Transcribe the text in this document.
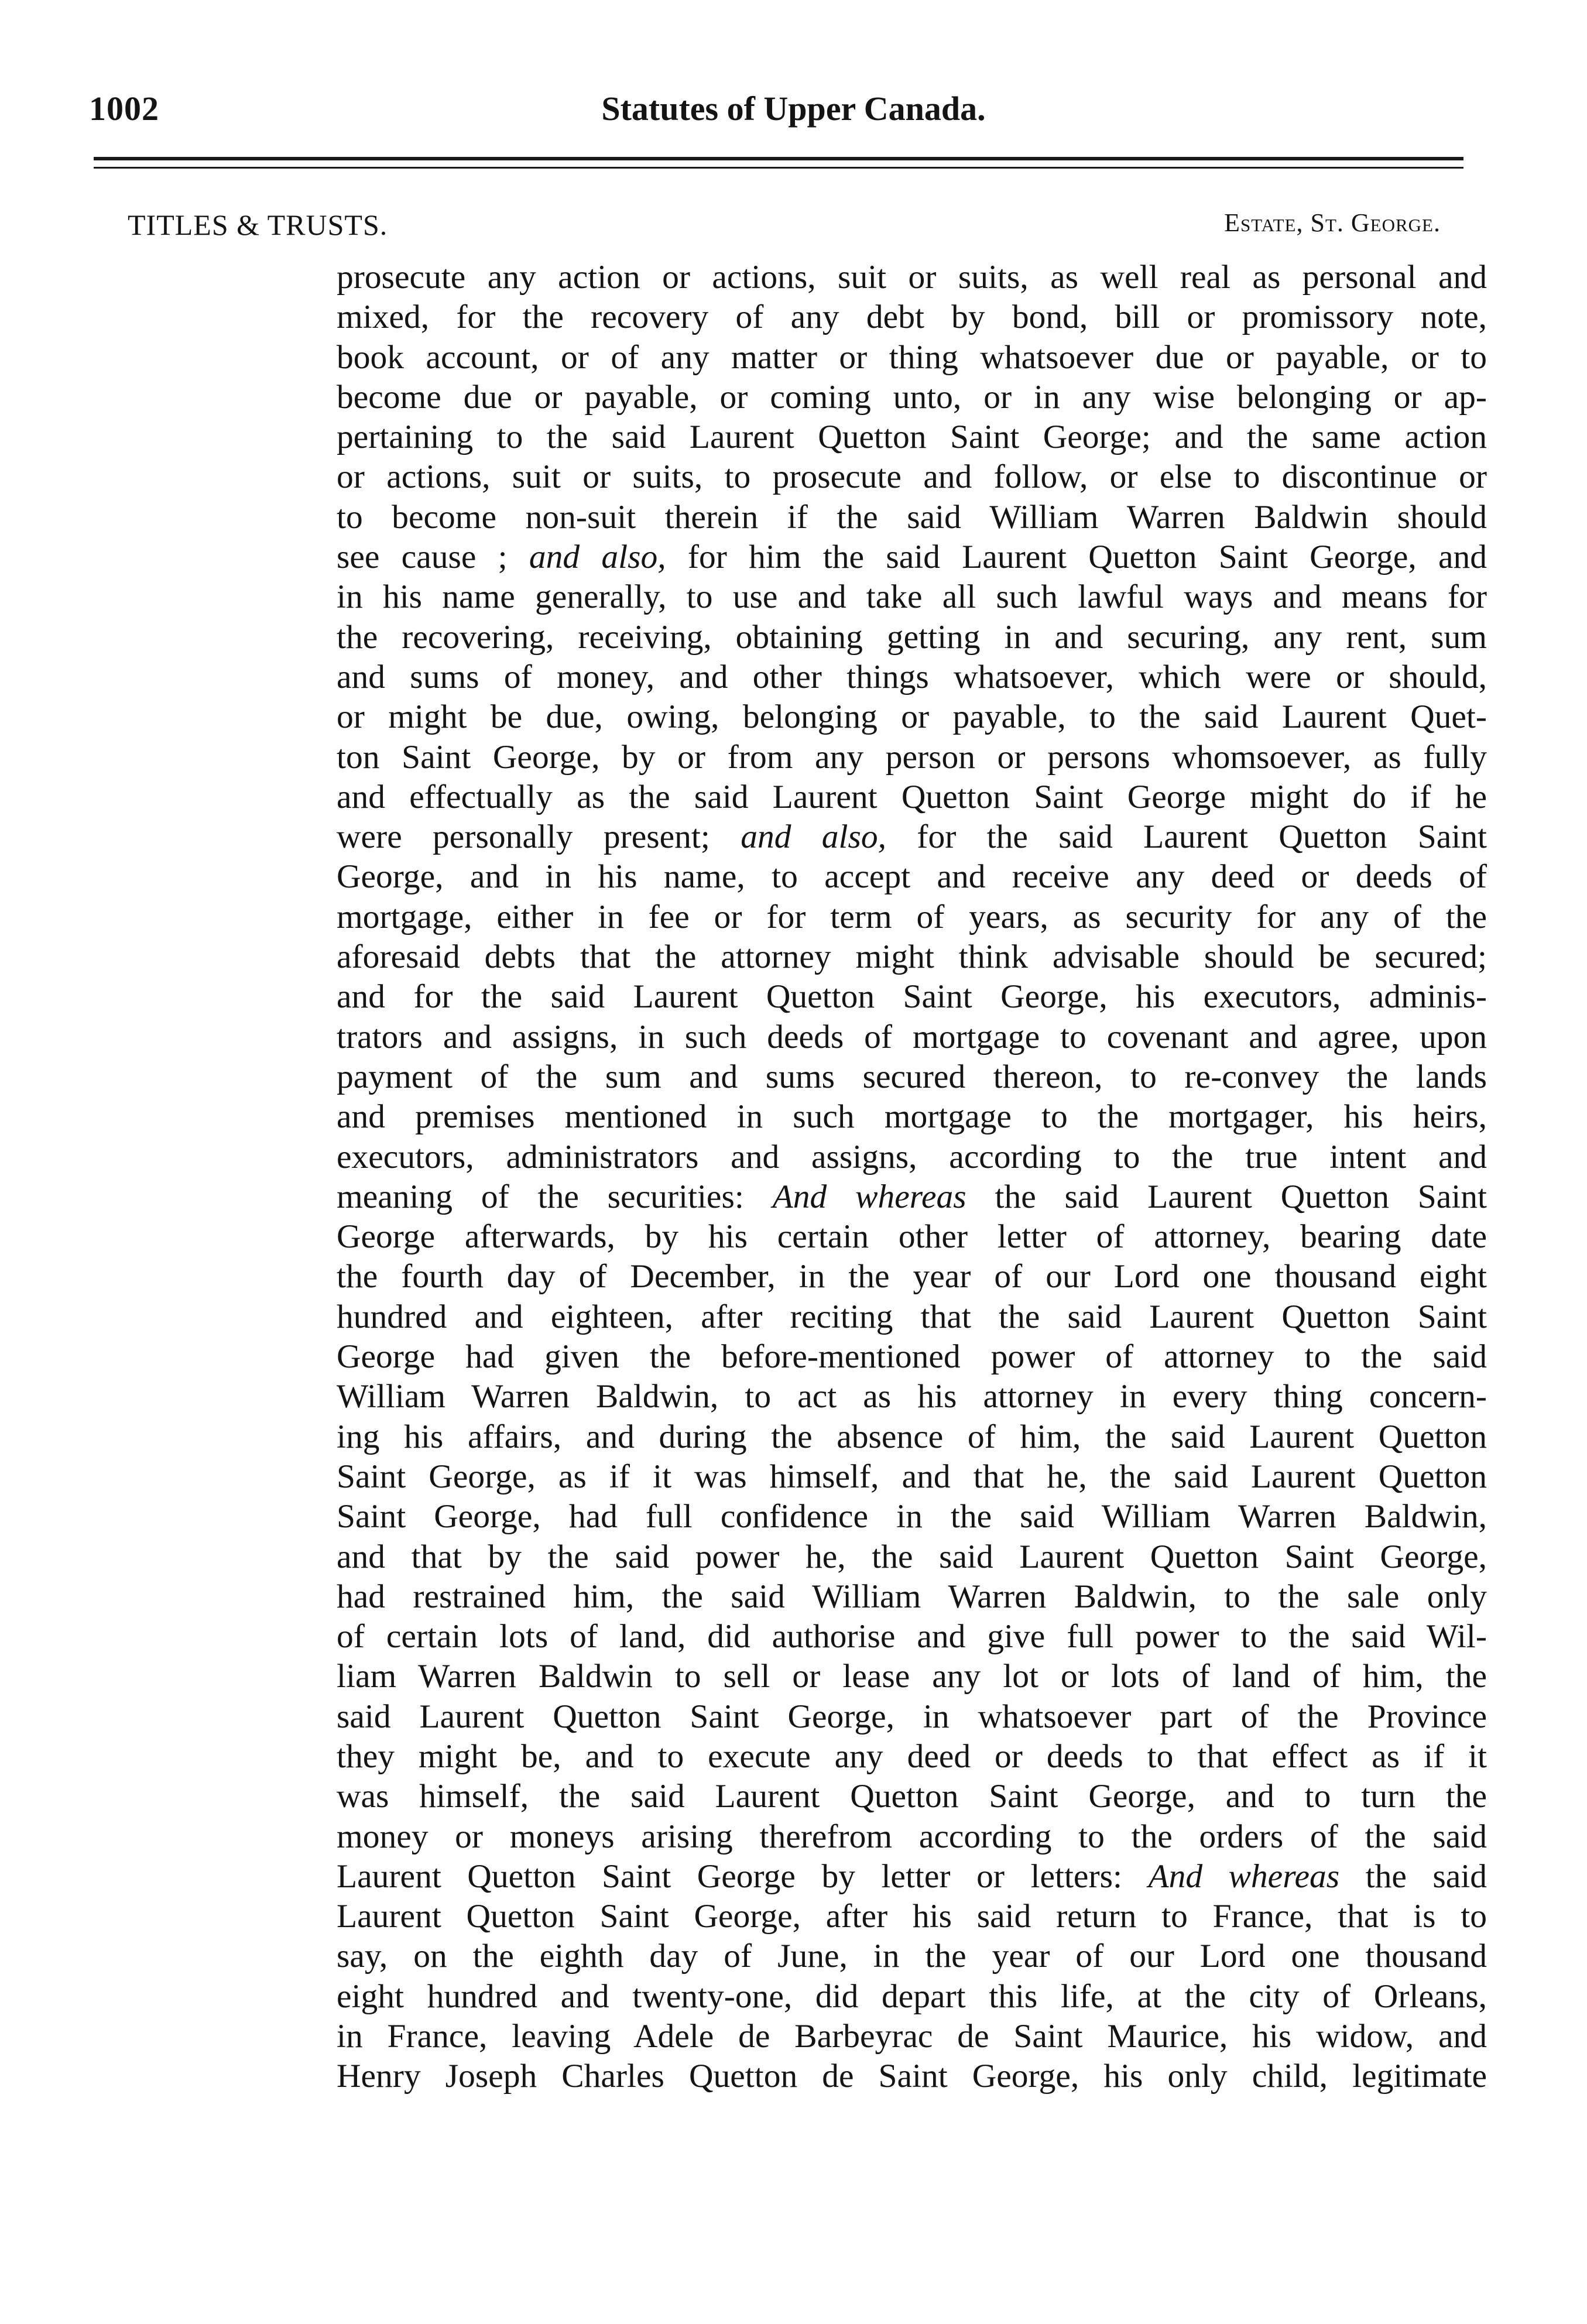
1002	Statutes of Upper Canada.
TITLES & TRUSTS.	Estate, St. George.
prosecute any action or actions, suit or suits, as well real as personal and
mixed, for the recovery of any debt by bond, bill or promissory note,
book account, or of any matter or thing whatsoever due or payable, or to
become due or payable, or coming unto, or in any wise belonging or ap-
pertaining to the said Laurent Quetton Saint George; and the same action
or actions, suit or suits, to prosecute and follow, or else to discontinue or
to become non-suit therein if the said William Warren Baldwin should
see cause ; and also, for him the said Laurent Quetton Saint George, and
in his name generally, to use and take all such lawful ways and means for
the recovering, receiving, obtaining getting in and securing, any rent, sum
and sums of money, and other things whatsoever, which were or should,
or might be due, owing, belonging or payable, to the said Laurent Quet-
ton Saint George, by or from any person or persons whomsoever, as fully
and effectually as the said Laurent Quetton Saint George might do if he
were personally present; and also, for the said Laurent Quetton Saint
George, and in his name, to accept and receive any deed or deeds of
mortgage, either in fee or for term of years, as security for any of the
aforesaid debts that the attorney might think advisable should be secured;
and for the said Laurent Quetton Saint George, his executors, adminis-
trators and assigns, in such deeds of mortgage to covenant and agree, upon
payment of the sum and sums secured thereon, to re-convey the lands
and premises mentioned in such mortgage to the mortgager, his heirs,
executors, administrators and assigns, according to the true intent and
meaning of the securities: And whereas the said Laurent Quetton Saint
George afterwards, by his certain other letter of attorney, bearing date
the fourth day of December, in the year of our Lord one thousand eight
hundred and eighteen, after reciting that the said Laurent Quetton Saint
George had given the before-mentioned power of attorney to the said
William Warren Baldwin, to act as his attorney in every thing concern-
ing his affairs, and during the absence of him, the said Laurent Quetton
Saint George, as if it was himself, and that he, the said Laurent Quetton
Saint George, had full confidence in the said William Warren Baldwin,
and that by the said power he, the said Laurent Quetton Saint George,
had restrained him, the said William Warren Baldwin, to the sale only
of certain lots of land, did authorise and give full power to the said Wil-
liam Warren Baldwin to sell or lease any lot or lots of land of him, the
said Laurent Quetton Saint George, in whatsoever part of the Province
they might be, and to execute any deed or deeds to that effect as if it
was himself, the said Laurent Quetton Saint George, and to turn the
money or moneys arising therefrom according to the orders of the said
Laurent Quetton Saint George by letter or letters: And whereas the said
Laurent Quetton Saint George, after his said return to France, that is to
say, on the eighth day of June, in the year of our Lord one thousand
eight hundred and twenty-one, did depart this life, at the city of Orleans,
in France, leaving Adele de Barbeyrac de Saint Maurice, his widow, and
Henry Joseph Charles Quetton de Saint George, his only child, legitimate
